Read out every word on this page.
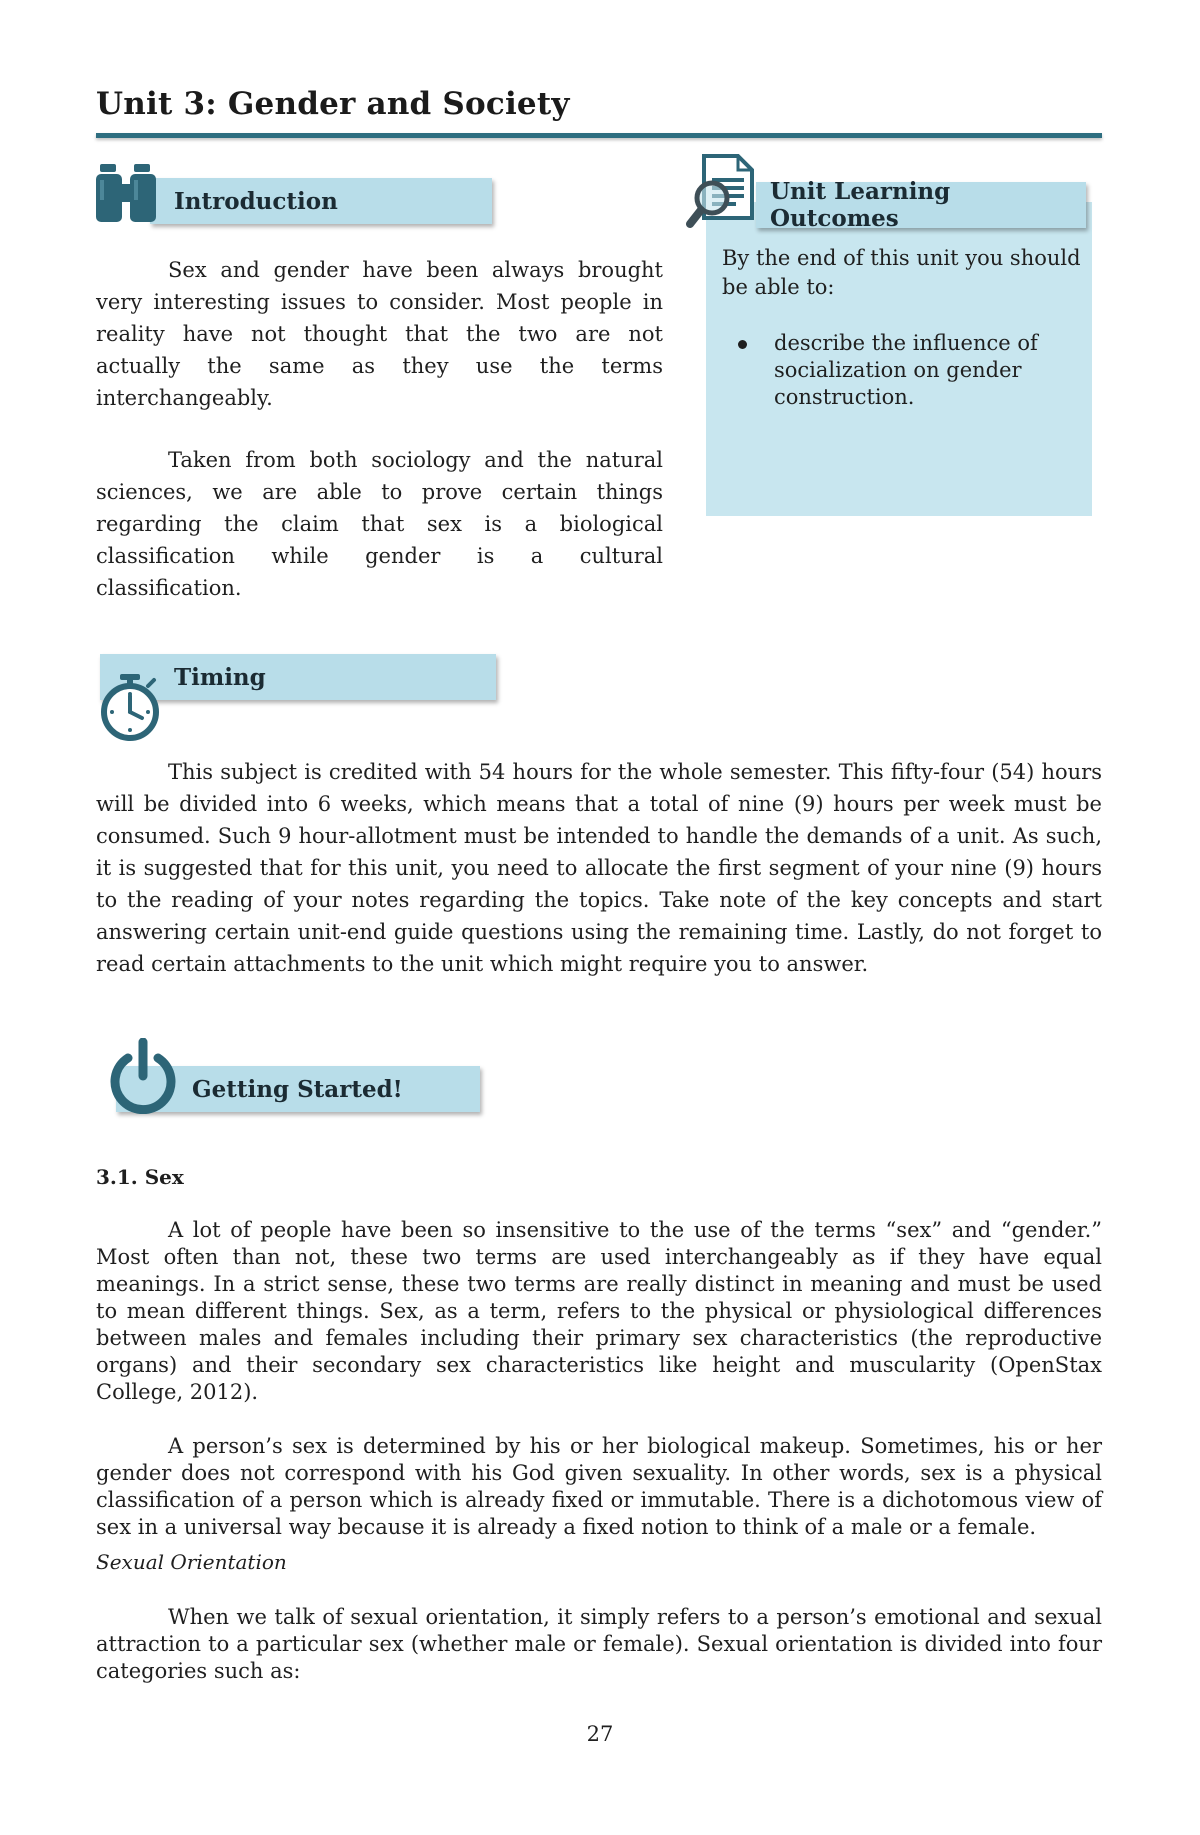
Unit 3: Gender and Society
Introduction

Sex and gender have been always brought very interesting issues to consider. Most people in reality have not thought that the two are not actually the same as they use the terms interchangeably.

Taken from both sociology and the natural sciences, we are able to prove certain things regarding the claim that sex is a biological classification while gender is a cultural classification.

Unit Learning Outcomes
By the end of this unit you should be able to:
describe the influence of socialization on gender construction.
Timing

This subject is credited with 54 hours for the whole semester. This fifty-four (54) hours will be divided into 6 weeks, which means that a total of nine (9) hours per week must be consumed. Such 9 hour-allotment must be intended to handle the demands of a unit. As such, it is suggested that for this unit, you need to allocate the first segment of your nine (9) hours to the reading of your notes regarding the topics. Take note of the key concepts and start answering certain unit-end guide questions using the remaining time. Lastly, do not forget to read certain attachments to the unit which might require you to answer.

Getting Started!
3.1. Sex

A lot of people have been so insensitive to the use of the terms “sex” and “gender.” Most often than not, these two terms are used interchangeably as if they have equal meanings. In a strict sense, these two terms are really distinct in meaning and must be used to mean different things. Sex, as a term, refers to the physical or physiological differences between males and females including their primary sex characteristics (the reproductive organs) and their secondary sex characteristics like height and muscularity (OpenStax College, 2012).

A person’s sex is determined by his or her biological makeup. Sometimes, his or her gender does not correspond with his God given sexuality. In other words, sex is a physical classification of a person which is already fixed or immutable. There is a dichotomous view of sex in a universal way because it is already a fixed notion to think of a male or a female.

Sexual Orientation

When we talk of sexual orientation, it simply refers to a person’s emotional and sexual attraction to a particular sex (whether male or female). Sexual orientation is divided into four categories such as:

27
